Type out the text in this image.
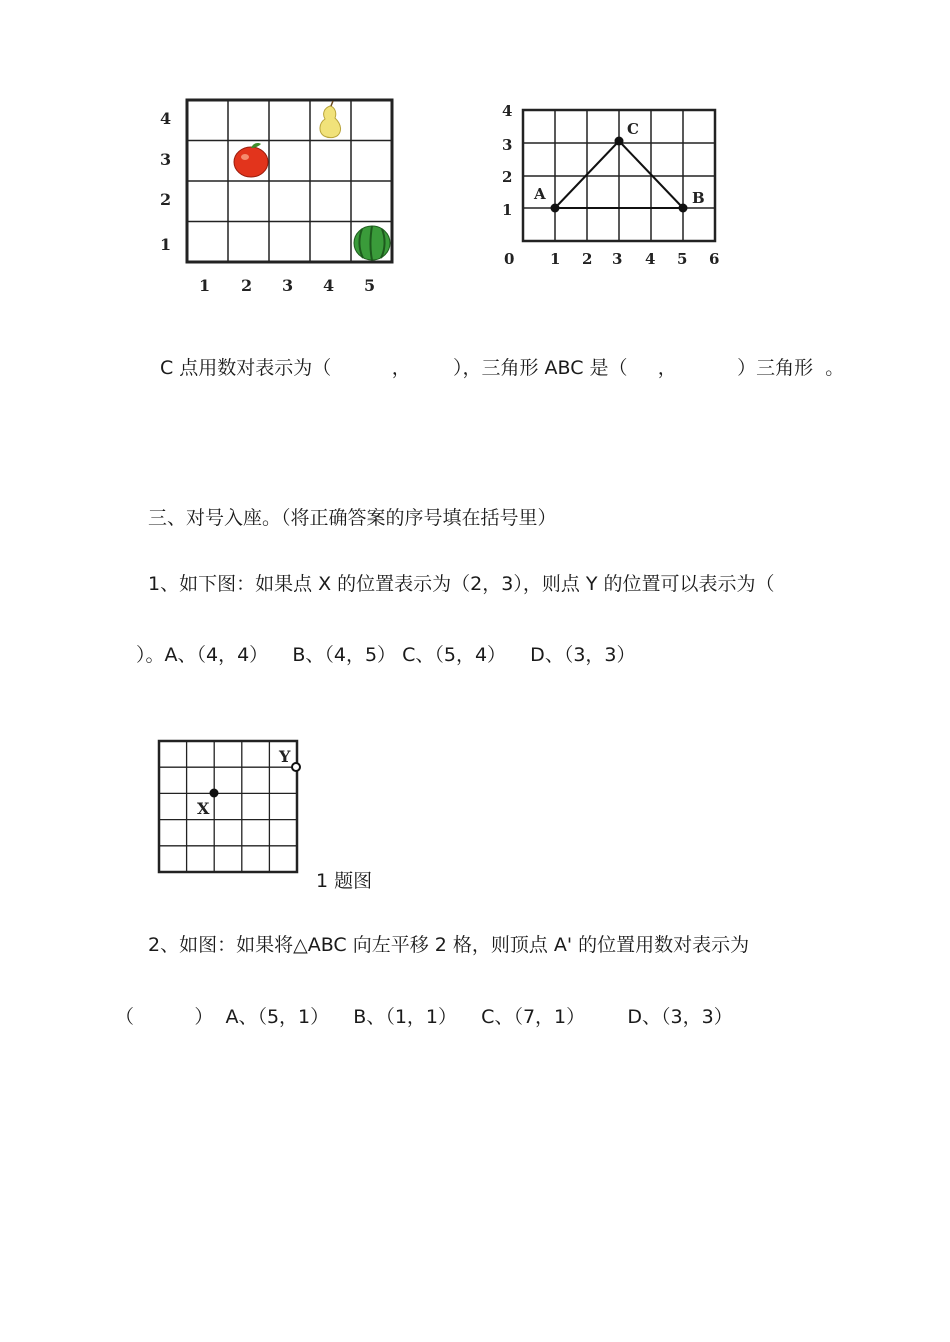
4
3
2
1
1 2 3 4 5
A
C
B
4
3
2
1
0 1 2 3 4 5 6
C 点用数对表示为（          ，       ），三角形 ABC 是（     ，          ）三角形  。
三、对号入座。（将正确答案的序号填在括号里）
1、如下图：如果点 X 的位置表示为（2，3），则点 Y 的位置可以表示为（
）。A、（4，4）    B、（4，5） C、（5，4）    D、（3，3）
X
Y
1 题图
2、如图：如果将△ABC 向左平移 2 格，则顶点 A' 的位置用数对表示为
（          ）  A、（5，1）    B、（1，1）    C、（7，1）       D、（3，3）
